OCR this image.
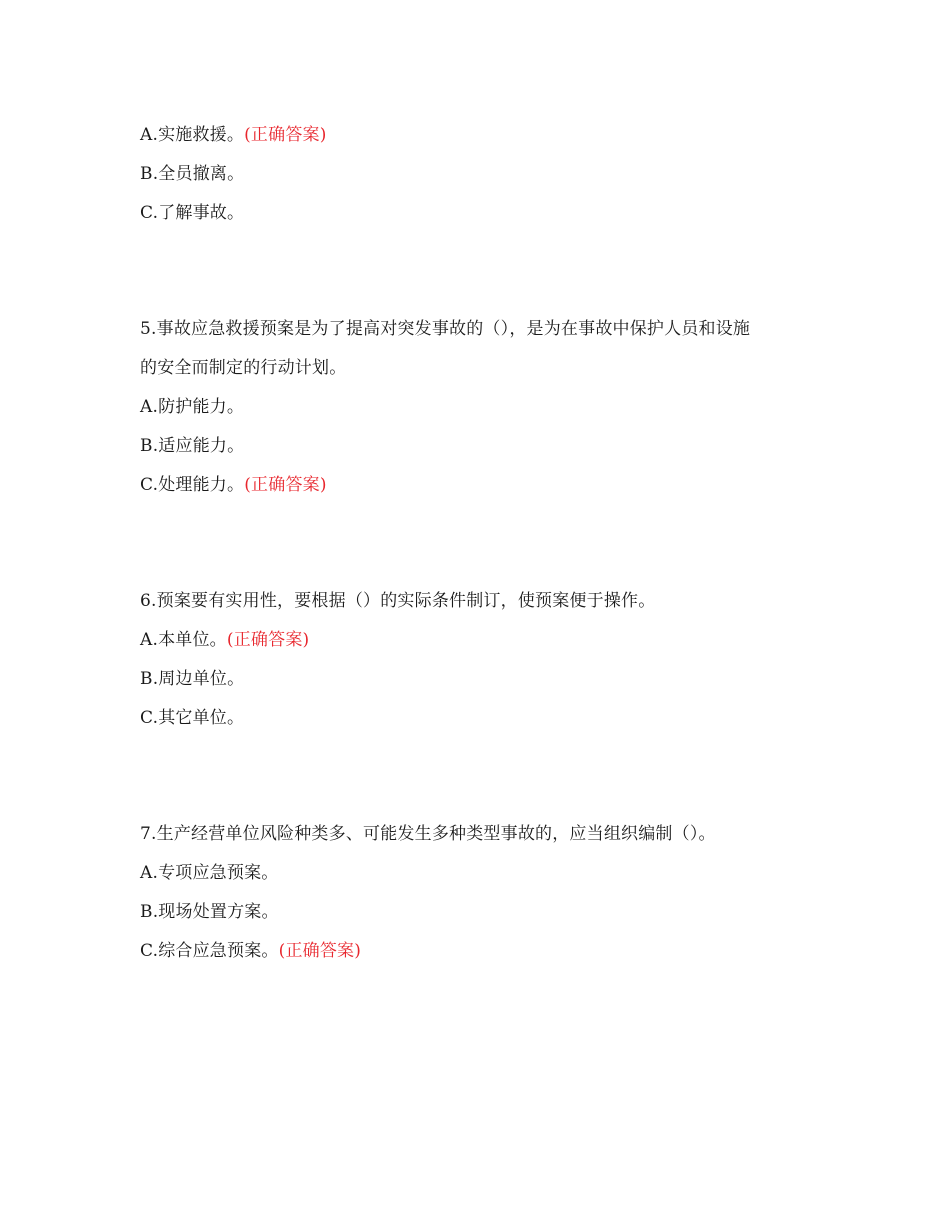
A.实施救援。(正确答案)
B.全员撤离。
C.了解事故。
5.事故应急救援预案是为了提高对突发事故的（），是为在事故中保护人员和设施
的安全而制定的行动计划。
A.防护能力。
B.适应能力。
C.处理能力。(正确答案)
6.预案要有实用性，要根据（）的实际条件制订，使预案便于操作。
A.本单位。(正确答案)
B.周边单位。
C.其它单位。
7.生产经营单位风险种类多、可能发生多种类型事故的，应当组织编制（）。
A.专项应急预案。
B.现场处置方案。
C.综合应急预案。(正确答案)
